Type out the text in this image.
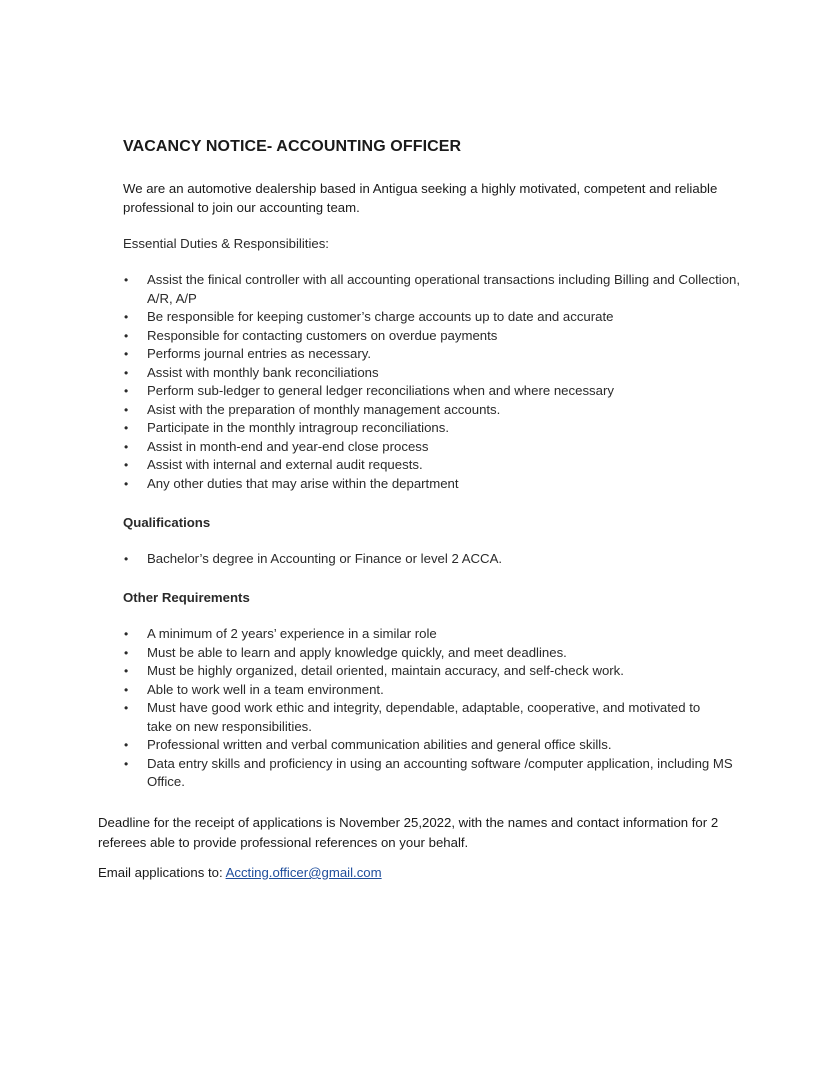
VACANCY NOTICE- ACCOUNTING OFFICER

We are an automotive dealership based in Antigua seeking a highly motivated, competent and reliable professional to join our accounting team.

Essential Duties & Responsibilities:

• Assist the finical controller with all accounting operational transactions including Billing and Collection, A/R, A/P
• Be responsible for keeping customer’s charge accounts up to date and accurate
• Responsible for contacting customers on overdue payments
• Performs journal entries as necessary.
• Assist with monthly bank reconciliations
• Perform sub-ledger to general ledger reconciliations when and where necessary
• Asist with the preparation of monthly management accounts.
• Participate in the monthly intragroup reconciliations.
• Assist in month-end and year-end close process
• Assist with internal and external audit requests.
• Any other duties that may arise within the department

Qualifications

• Bachelor’s degree in Accounting or Finance or level 2 ACCA.

Other Requirements

• A minimum of 2 years’ experience in a similar role
• Must be able to learn and apply knowledge quickly, and meet deadlines.
• Must be highly organized, detail oriented, maintain accuracy, and self-check work.
• Able to work well in a team environment.
• Must have good work ethic and integrity, dependable, adaptable, cooperative, and motivated to take on new responsibilities.
• Professional written and verbal communication abilities and general office skills.
• Data entry skills and proficiency in using an accounting software /computer application, including MS Office.

Deadline for the receipt of applications is November 25,2022, with the names and contact information for 2 referees able to provide professional references on your behalf.

Email applications to: Accting.officer@gmail.com
